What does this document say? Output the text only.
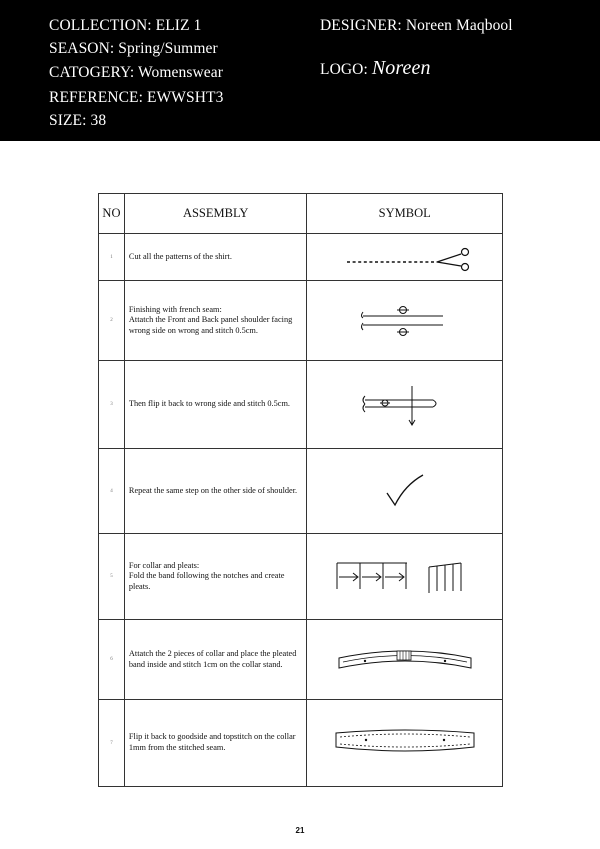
COLLECTION: ELIZ 1
SEASON: Spring/Summer
CATOGERY: Womenswear
REFERENCE: EWWSHT3
SIZE: 38
DESIGNER: Noreen Maqbool
LOGO: Noreen
NO	ASSEMBLY	SYMBOL
1	Cut all the patterns of the shirt.	

2	Finishing with french seam:
Attatch the Front and Back panel shoulder facing wrong side on wrong and stitch 0.5cm.	

3	Then flip it back to wrong side and stitch 0.5cm.	

4	Repeat the same step on the other side of shoulder.	

5	For collar and pleats:
Fold the band following the notches and create pleats.	

6	Attatch the 2 pieces of collar and place the pleated band inside and stitch 1cm on the collar stand.	

7	Flip it back to goodside and topstitch on the collar 1mm from the stitched seam.	
21
